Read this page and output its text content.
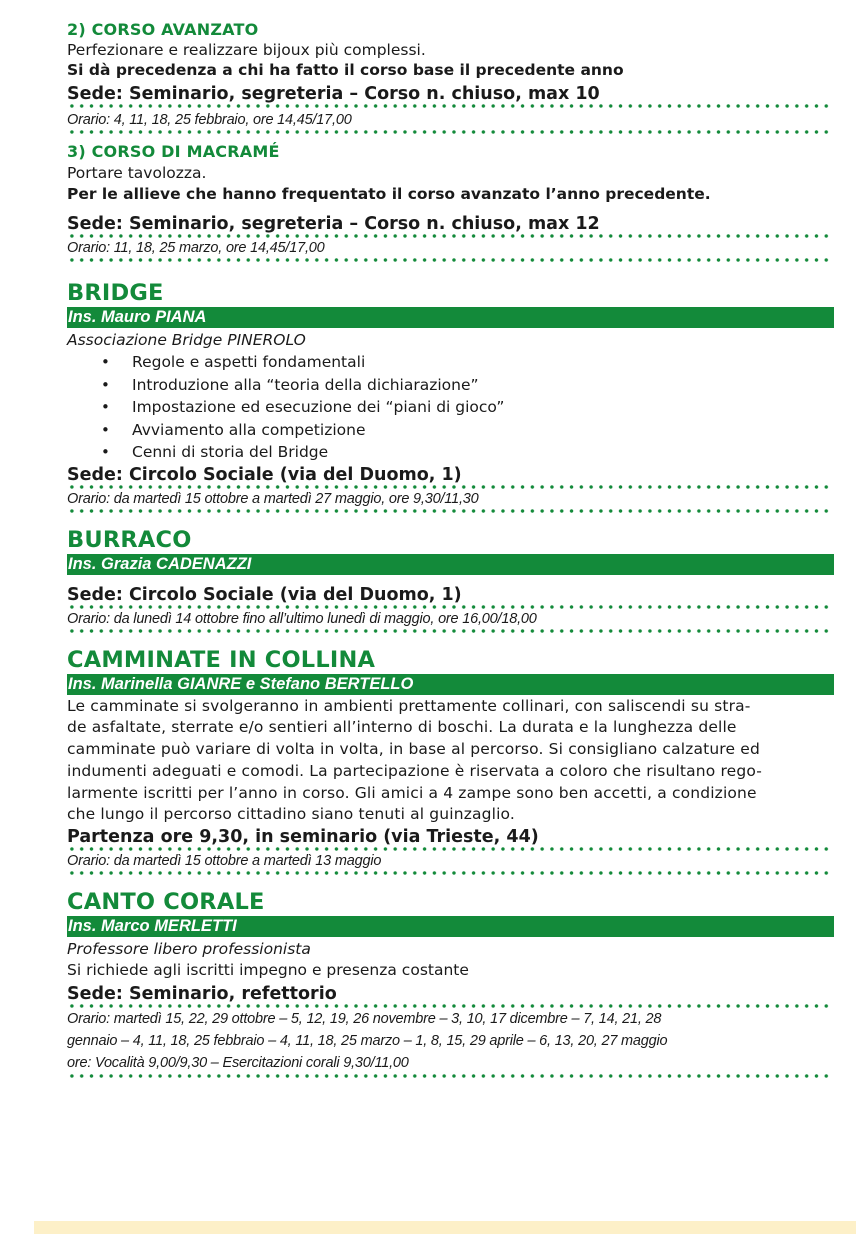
2) CORSO AVANZATO
Perfezionare e realizzare bijoux più complessi.
Si dà precedenza a chi ha fatto il corso base il precedente anno
Sede: Seminario, segreteria – Corso n. chiuso, max 10
Orario: 4, 11, 18, 25 febbraio, ore 14,45/17,00
3) CORSO DI MACRAMÉ
Portare tavolozza.
Per le allieve che hanno frequentato il corso avanzato l’anno precedente.
Sede: Seminario, segreteria – Corso n. chiuso, max 12
Orario: 11, 18, 25 marzo, ore 14,45/17,00
BRIDGE
Ins. Mauro PIANA
Associazione Bridge PINEROLO
• Regole e aspetti fondamentali
• Introduzione alla “teoria della dichiarazione”
• Impostazione ed esecuzione dei “piani di gioco”
• Avviamento alla competizione
• Cenni di storia del Bridge
Sede: Circolo Sociale (via del Duomo, 1)
Orario: da martedì 15 ottobre a martedì 27 maggio, ore 9,30/11,30
BURRACO
Ins. Grazia CADENAZZI
Sede: Circolo Sociale (via del Duomo, 1)
Orario: da lunedì 14 ottobre fino all’ultimo lunedì di maggio, ore 16,00/18,00
CAMMINATE IN COLLINA
Ins. Marinella GIANRE e Stefano BERTELLO
Le camminate si svolgeranno in ambienti prettamente collinari, con saliscendi su stra-
de asfaltate, sterrate e/o sentieri all’interno di boschi. La durata e la lunghezza delle
camminate può variare di volta in volta, in base al percorso. Si consigliano calzature ed
indumenti adeguati e comodi. La partecipazione è riservata a coloro che risultano rego-
larmente iscritti per l’anno in corso. Gli amici a 4 zampe sono ben accetti, a condizione
che lungo il percorso cittadino siano tenuti al guinzaglio.
Partenza ore 9,30, in seminario (via Trieste, 44)
Orario: da martedì 15 ottobre a martedì 13 maggio
CANTO CORALE
Ins. Marco MERLETTI
Professore libero professionista
Si richiede agli iscritti impegno e presenza costante
Sede: Seminario, refettorio
Orario: martedì 15, 22, 29 ottobre – 5, 12, 19, 26 novembre – 3, 10, 17 dicembre – 7, 14, 21, 28
gennaio – 4, 11, 18, 25 febbraio – 4, 11, 18, 25 marzo – 1, 8, 15, 29 aprile – 6, 13, 20, 27 maggio
ore: Vocalità 9,00/9,30 – Esercitazioni corali 9,30/11,00
